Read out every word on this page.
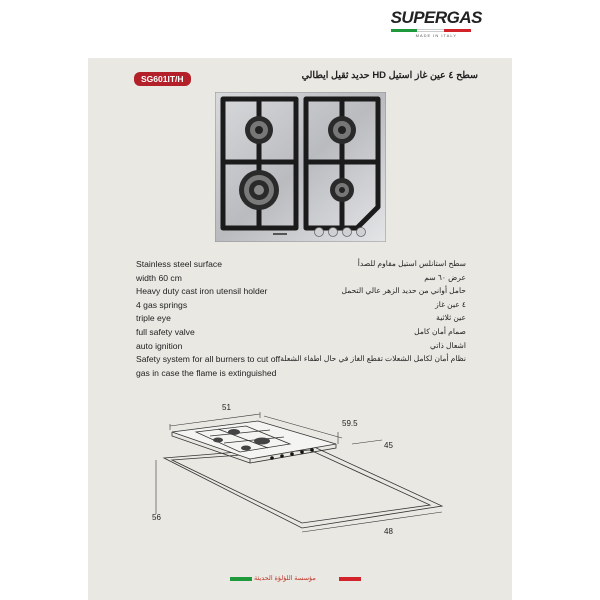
SUPERGAS
MADE IN ITALY
SG601IT/H	سطح ٤ عين غاز استيل HD حديد ثقيل ايطالي
Stainless steel surface	سطح استانلس استيل مقاوم للصدأ
width 60 cm	عرض ٦٠ سم
Heavy duty cast iron utensil holder	حامل أواني من حديد الزهر عالي التحمل
4 gas springs	٤ عين غاز
triple eye	عين ثلاثية
full safety valve	صمام أمان كامل
auto ignition	اشعال ذاتي
Safety system for all burners to cut off نظام أمان لكامل الشعلات تقطع الغاز في حال اطفاء الشعلة
gas in case the flame is extinguished
51
59.5
45
56
48
مؤسسة اللؤلؤة الحديثة
